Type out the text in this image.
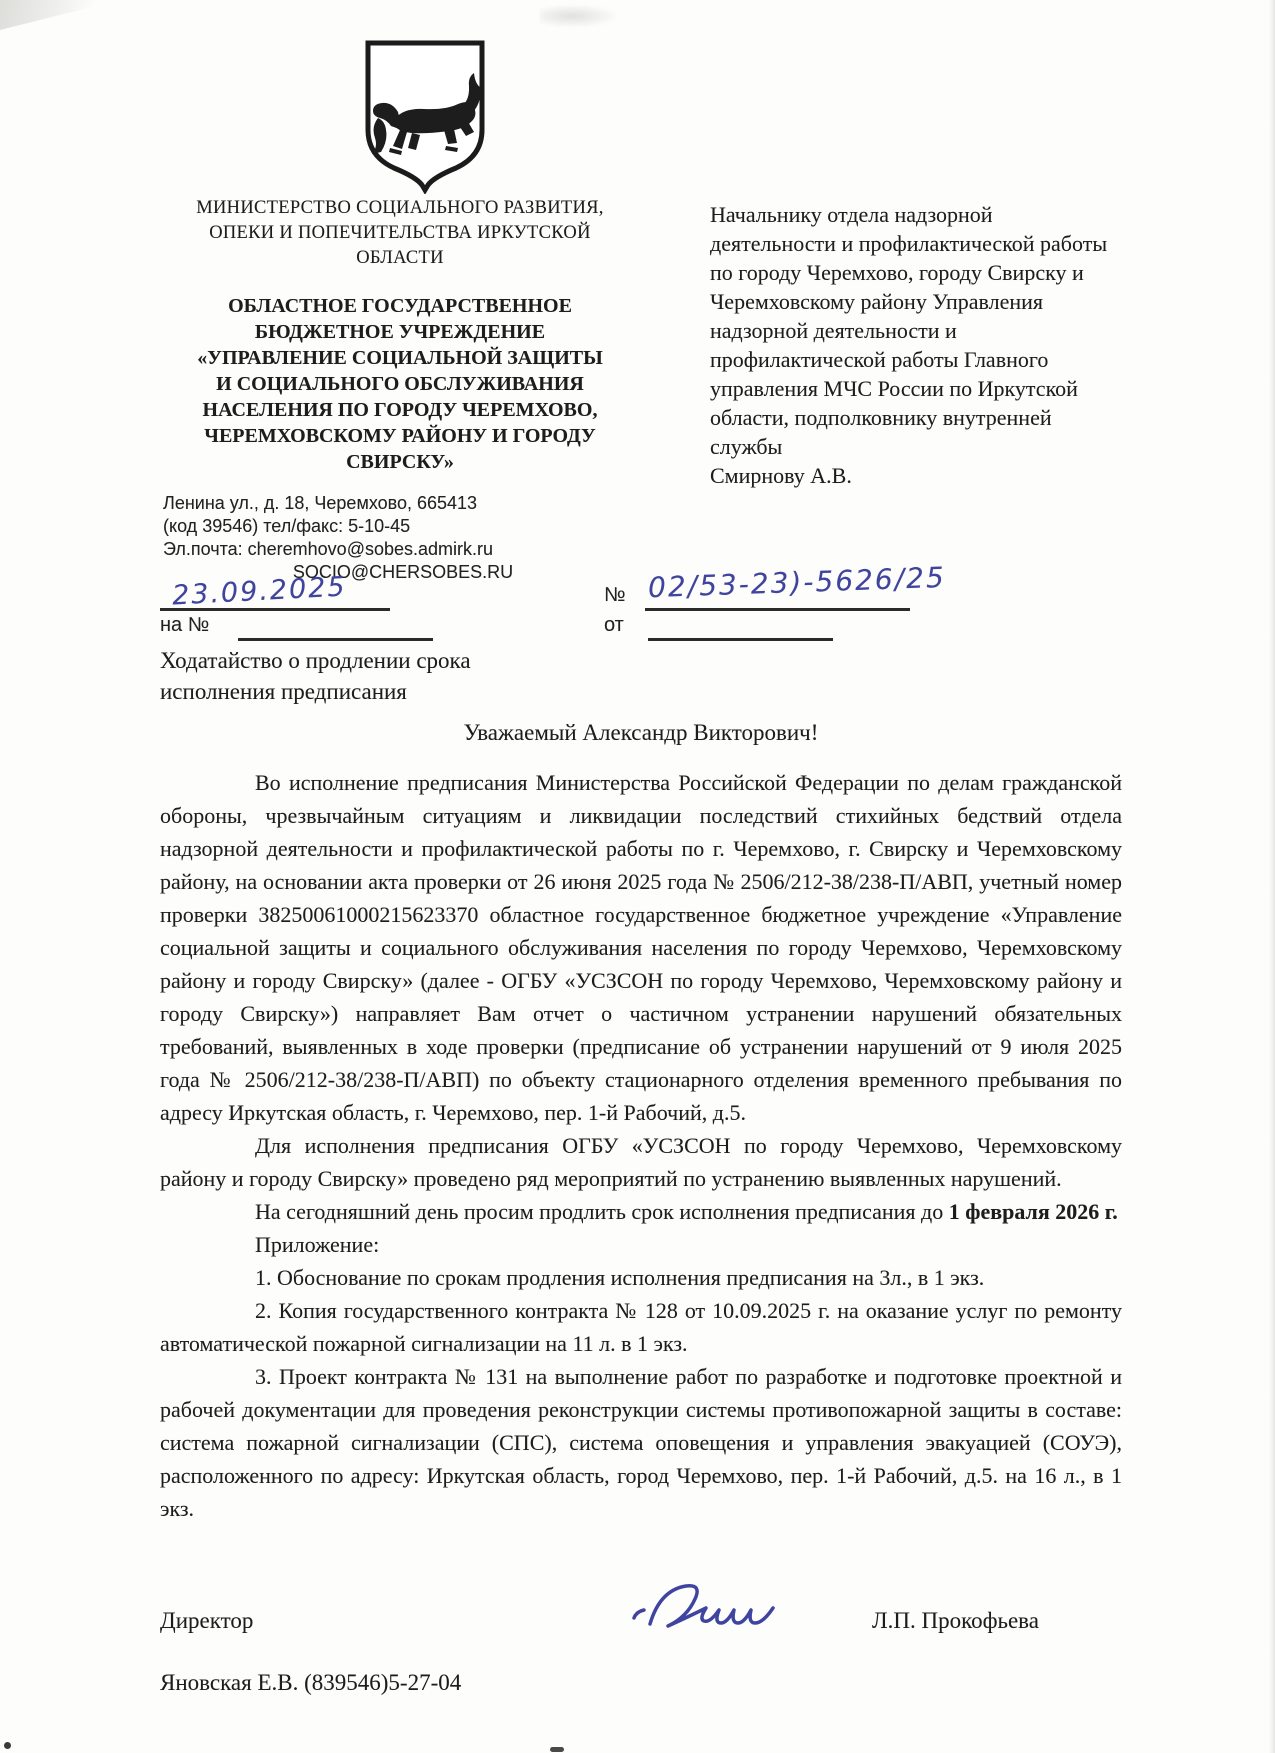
МИНИСТЕРСТВО СОЦИАЛЬНОГО РАЗВИТИЯ,
ОПЕКИ И ПОПЕЧИТЕЛЬСТВА ИРКУТСКОЙ
ОБЛАСТИ
ОБЛАСТНОЕ ГОСУДАРСТВЕННОЕ
БЮДЖЕТНОЕ УЧРЕЖДЕНИЕ
«УПРАВЛЕНИЕ СОЦИАЛЬНОЙ ЗАЩИТЫ
И СОЦИАЛЬНОГО ОБСЛУЖИВАНИЯ
НАСЕЛЕНИЯ ПО ГОРОДУ ЧЕРЕМХОВО,
ЧЕРЕМХОВСКОМУ РАЙОНУ И ГОРОДУ
СВИРСКУ»
Ленина ул., д. 18, Черемхово, 665413
(код 39546) тел/факс: 5-10-45
Эл.почта: cheremhovo@sobes.admirk.ru
SOCIO@CHERSOBES.RU
23.09.2025	№ 02/53-23)-5626/25
на №	от
Начальнику отдела надзорной
деятельности и профилактической работы
по городу Черемхово, городу Свирску и
Черемховскому району Управления
надзорной деятельности и
профилактической работы Главного
управления МЧС России по Иркутской
области, подполковнику внутренней
службы
Смирнову А.В.
Ходатайство о продлении срока
исполнения предписания
Уважаемый Александр Викторович!

Во исполнение предписания Министерства Российской Федерации по делам гражданской обороны, чрезвычайным ситуациям и ликвидации последствий стихийных бедствий отдела надзорной деятельности и профилактической работы по г. Черемхово, г. Свирску и Черемховскому району, на основании акта проверки от 26 июня 2025 года № 2506/212-38/238-П/АВП, учетный номер проверки 38250061000215623370 областное государственное бюджетное учреждение «Управление социальной защиты и социального обслуживания населения по городу Черемхово, Черемховскому району и городу Свирску» (далее - ОГБУ «УСЗСОН по городу Черемхово, Черемховскому району и городу Свирску») направляет Вам отчет о частичном устранении нарушений обязательных требований, выявленных в ходе проверки (предписание об устранении нарушений от 9 июля 2025 года № 2506/212-38/238-П/АВП) по объекту стационарного отделения временного пребывания по адресу Иркутская область, г. Черемхово, пер. 1-й Рабочий, д.5.

Для исполнения предписания ОГБУ «УСЗСОН по городу Черемхово, Черемховскому району и городу Свирску» проведено ряд мероприятий по устранению выявленных нарушений.

На сегодняшний день просим продлить срок исполнения предписания до 1 февраля 2026 г.

Приложение:

1. Обоснование по срокам продления исполнения предписания на 3л., в 1 экз.

2. Копия государственного контракта № 128 от 10.09.2025 г. на оказание услуг по ремонту автоматической пожарной сигнализации на 11 л. в 1 экз.

3. Проект контракта № 131 на выполнение работ по разработке и подготовке проектной и рабочей документации для проведения реконструкции системы противопожарной защиты в составе: система пожарной сигнализации (СПС), система оповещения и управления эвакуацией (СОУЭ), расположенного по адресу: Иркутская область, город Черемхово, пер. 1-й Рабочий, д.5. на 16 л., в 1 экз.

Директор	Л.П. Прокофьева
Яновская Е.В. (839546)5-27-04
